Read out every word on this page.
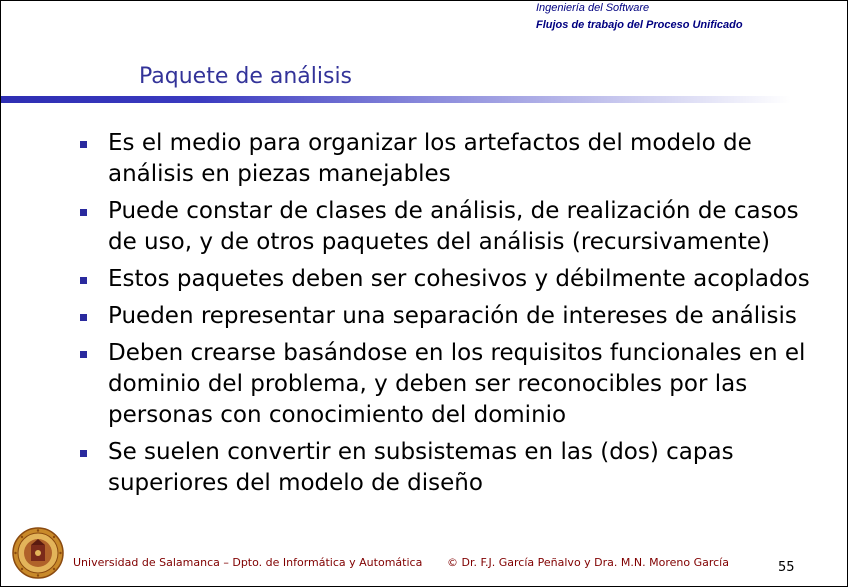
Ingeniería del Software
Flujos de trabajo del Proceso Unificado
Paquete de análisis
Es el medio para organizar los artefactos del modelo de análisis en piezas manejables
Puede constar de clases de análisis, de realización de casos de uso, y de otros paquetes del análisis (recursivamente)
Estos paquetes deben ser cohesivos y débilmente acoplados
Pueden representar una separación de intereses de análisis
Deben crearse basándose en los requisitos funcionales en el dominio del problema, y deben ser reconocibles por las personas con conocimiento del dominio
Se suelen convertir en subsistemas en las (dos) capas superiores del modelo de diseño
Universidad de Salamanca – Dpto. de Informática y Automática © Dr. F.J. García Peñalvo y Dra. M.N. Moreno García	55
